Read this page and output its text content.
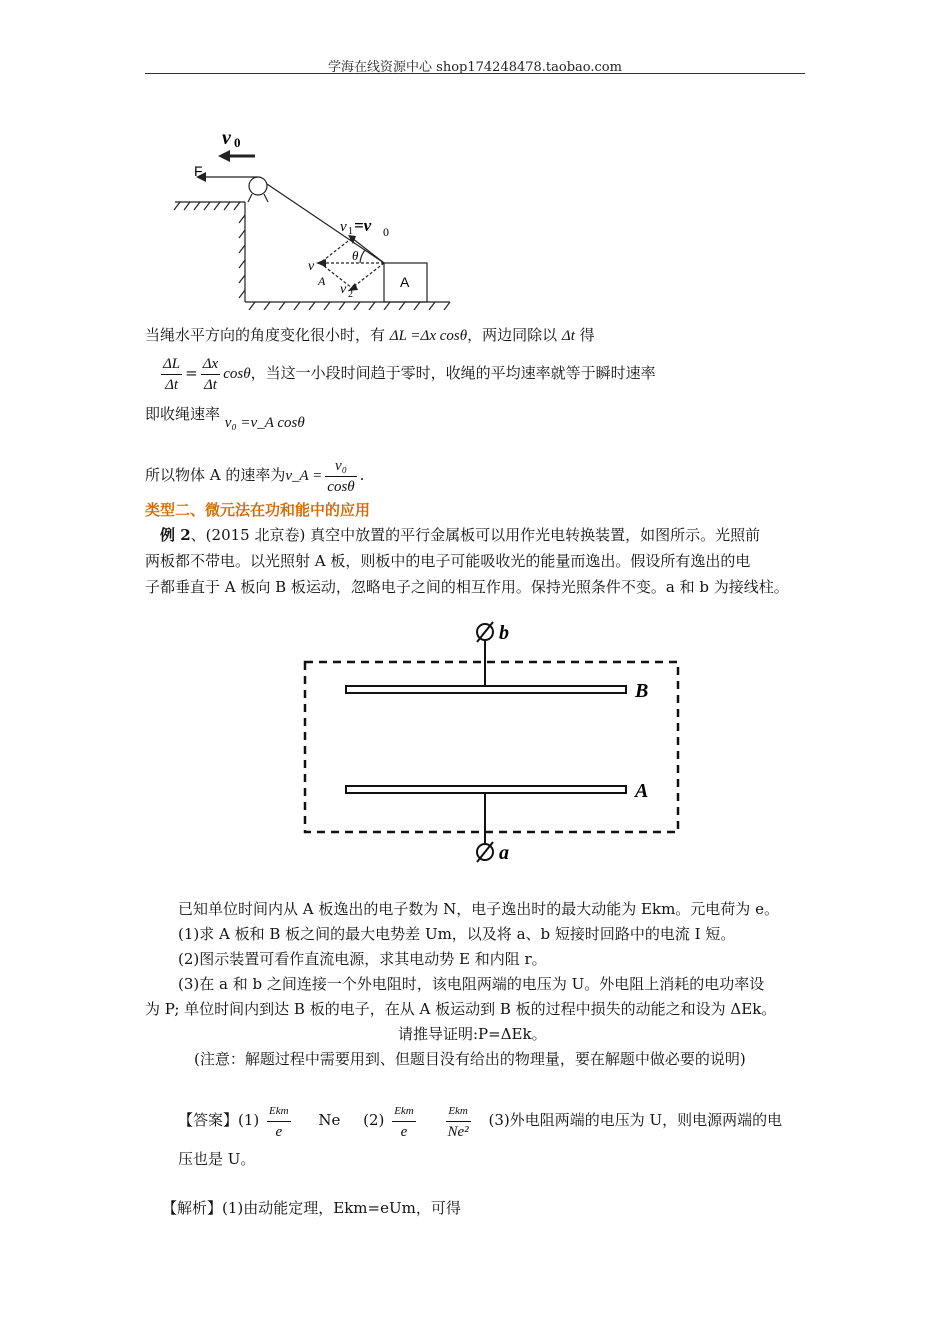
学海在线资源中心 shop174248478.taobao.com
v 0
F
v 1 =v 0
θ
v
A
v 2
A
当绳水平方向的角度变化很小时，有 ΔL =Δx cosθ，两边同除以 Δt 得
$\frac{\Delta L}{\Delta t} = \frac{\Delta x}{\Delta t}$ cosθ，当这一小段时间趋于零时，收绳的平均速率就等于瞬时速率
即收绳速率 v₀ =v_A cosθ
所以物体 A 的速率为v_A = $\frac{\text{v₀}}{\cos\theta}$ .
类型二、微元法在功和能中的应用
例 2、(2015 北京卷) 真空中放置的平行金属板可以用作光电转换装置，如图所示。光照前
两板都不带电。以光照射 A 板，则板中的电子可能吸收光的能量而逸出。假设所有逸出的电
子都垂直于 A 板向 B 板运动，忽略电子之间的相互作用。保持光照条件不变。a 和 b 为接线柱。
b
a
B
A
已知单位时间内从 A 板逸出的电子数为 N，电子逸出时的最大动能为 Ekm。元电荷为 e。
(1)求 A 板和 B 板之间的最大电势差 Um，以及将 a、b 短接时回路中的电流 I 短。
(2)图示装置可看作直流电源，求其电动势 E 和内阻 r。
(3)在 a 和 b 之间连接一个外电阻时，该电阻两端的电压为 U。外电阻上消耗的电功率设
为 P; 单位时间内到达 B 板的电子，在从 A 板运动到 B 板的过程中损失的动能之和设为 ΔEk。
请推导证明:P=ΔEk。
(注意：解题过程中需要用到、但题目没有给出的物理量，要在解题中做必要的说明)
【答案】$(1) \frac{\text{Ekm}}{e}$ Ne $(2) \frac{\text{Ekm}}{e}$
	$\frac{\text{Ekm}}{\text{Ne²}} (3)$外电阻两端的电压为 U，则电源两端的电
压也是 U。
【解析】(1)由动能定理，Ekm=eUm，可得
